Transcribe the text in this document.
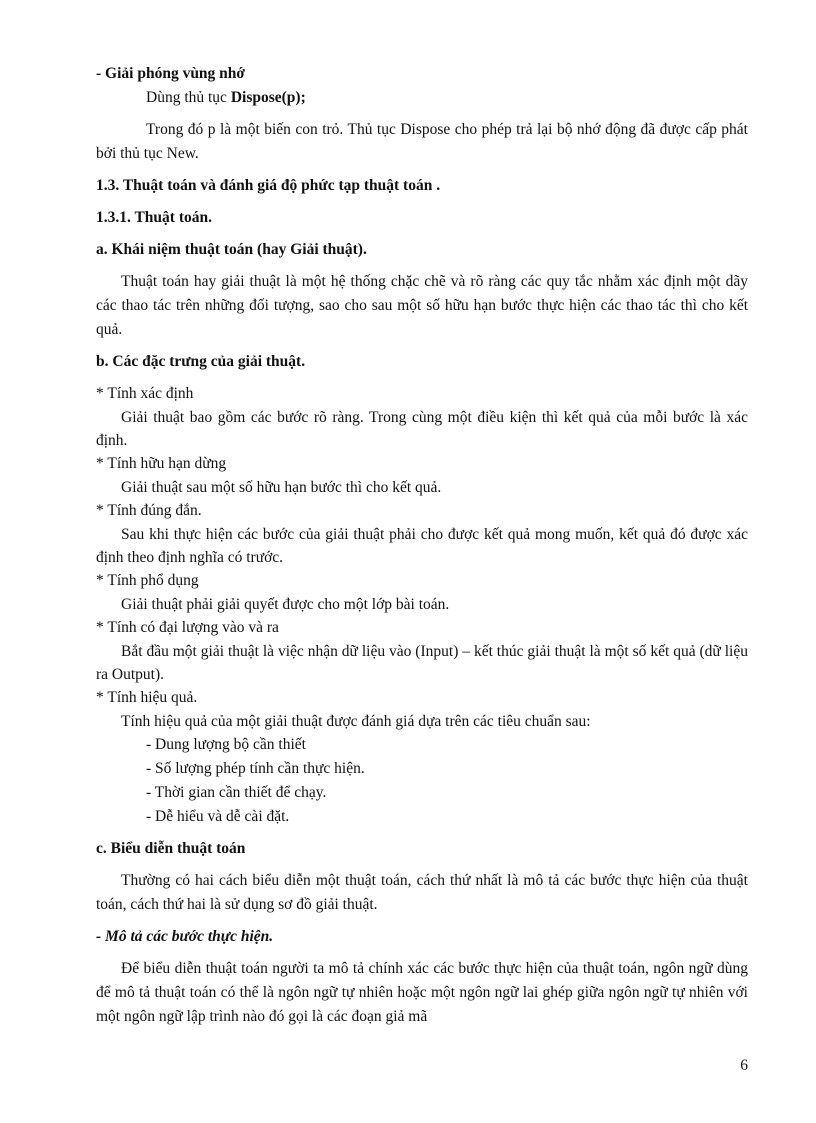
- Giải phóng vùng nhớ

Dùng thủ tục Dispose(p);

Trong đó p là một biến con trỏ. Thủ tục Dispose cho phép trả lại bộ nhớ động đã được cấp phát bởi thủ tục New.

1.3. Thuật toán và đánh giá độ phức tạp thuật toán .

1.3.1. Thuật toán.

a. Khái niệm thuật toán (hay Giải thuật).

Thuật toán hay giải thuật là một hệ thống chặc chẽ và rõ ràng các quy tắc nhằm xác định một dãy các thao tác trên những đối tượng, sao cho sau một số hữu hạn bước thực hiện các thao tác thì cho kết quả.

b. Các đặc trưng của giải thuật.

* Tính xác định

Giải thuật bao gồm các bước rõ ràng. Trong cùng một điều kiện thì kết quả của mỗi bước là xác định.

* Tính hữu hạn dừng

Giải thuật sau một số hữu hạn bước thì cho kết quả.

* Tính đúng đắn.

Sau khi thực hiện các bước của giải thuật phải cho được kết quả mong muốn, kết quả đó được xác định theo định nghĩa có trước.

* Tính phổ dụng

Giải thuật phải giải quyết được cho một lớp bài toán.

* Tính có đại lượng vào và ra

Bắt đầu một giải thuật là việc nhận dữ liệu vào (Input) – kết thúc giải thuật là một số kết quả (dữ liệu ra Output).

* Tính hiệu quả.

Tính hiệu quả của một giải thuật được đánh giá dựa trên các tiêu chuẩn sau:

- Dung lượng bộ cần thiết

- Số lượng phép tính cần thực hiện.

- Thời gian cần thiết để chạy.

- Dễ hiểu và dễ cài đặt.

c. Biểu diễn thuật toán

Thường có hai cách biểu diễn một thuật toán, cách thứ nhất là mô tả các bước thực hiện của thuật toán, cách thứ hai là sử dụng sơ đồ giải thuật.

- Mô tả các bước thực hiện.

Để biểu diễn thuật toán người ta mô tả chính xác các bước thực hiện của thuật toán, ngôn ngữ dùng để mô tả thuật toán có thể là ngôn ngữ tự nhiên hoặc một ngôn ngữ lai ghép giữa ngôn ngữ tự nhiên với một ngôn ngữ lập trình nào đó gọi là các đoạn giả mã

6
